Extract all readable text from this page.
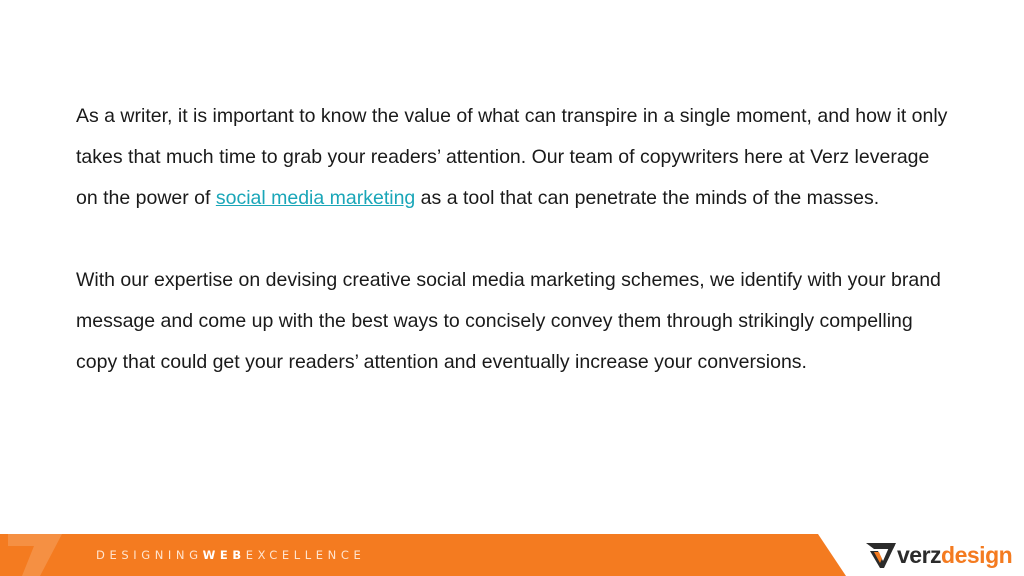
As a writer, it is important to know the value of what can transpire in a single moment, and how it only takes that much time to grab your readers’ attention. Our team of copywriters here at Verz leverage on the power of social media marketing as a tool that can penetrate the minds of the masses.

With our expertise on devising creative social media marketing schemes, we identify with your brand message and come up with the best ways to concisely convey them through strikingly compelling copy that could get your readers’ attention and eventually increase your conversions.

DESIGNINGWEBEXCELLENCE	verzdesign
